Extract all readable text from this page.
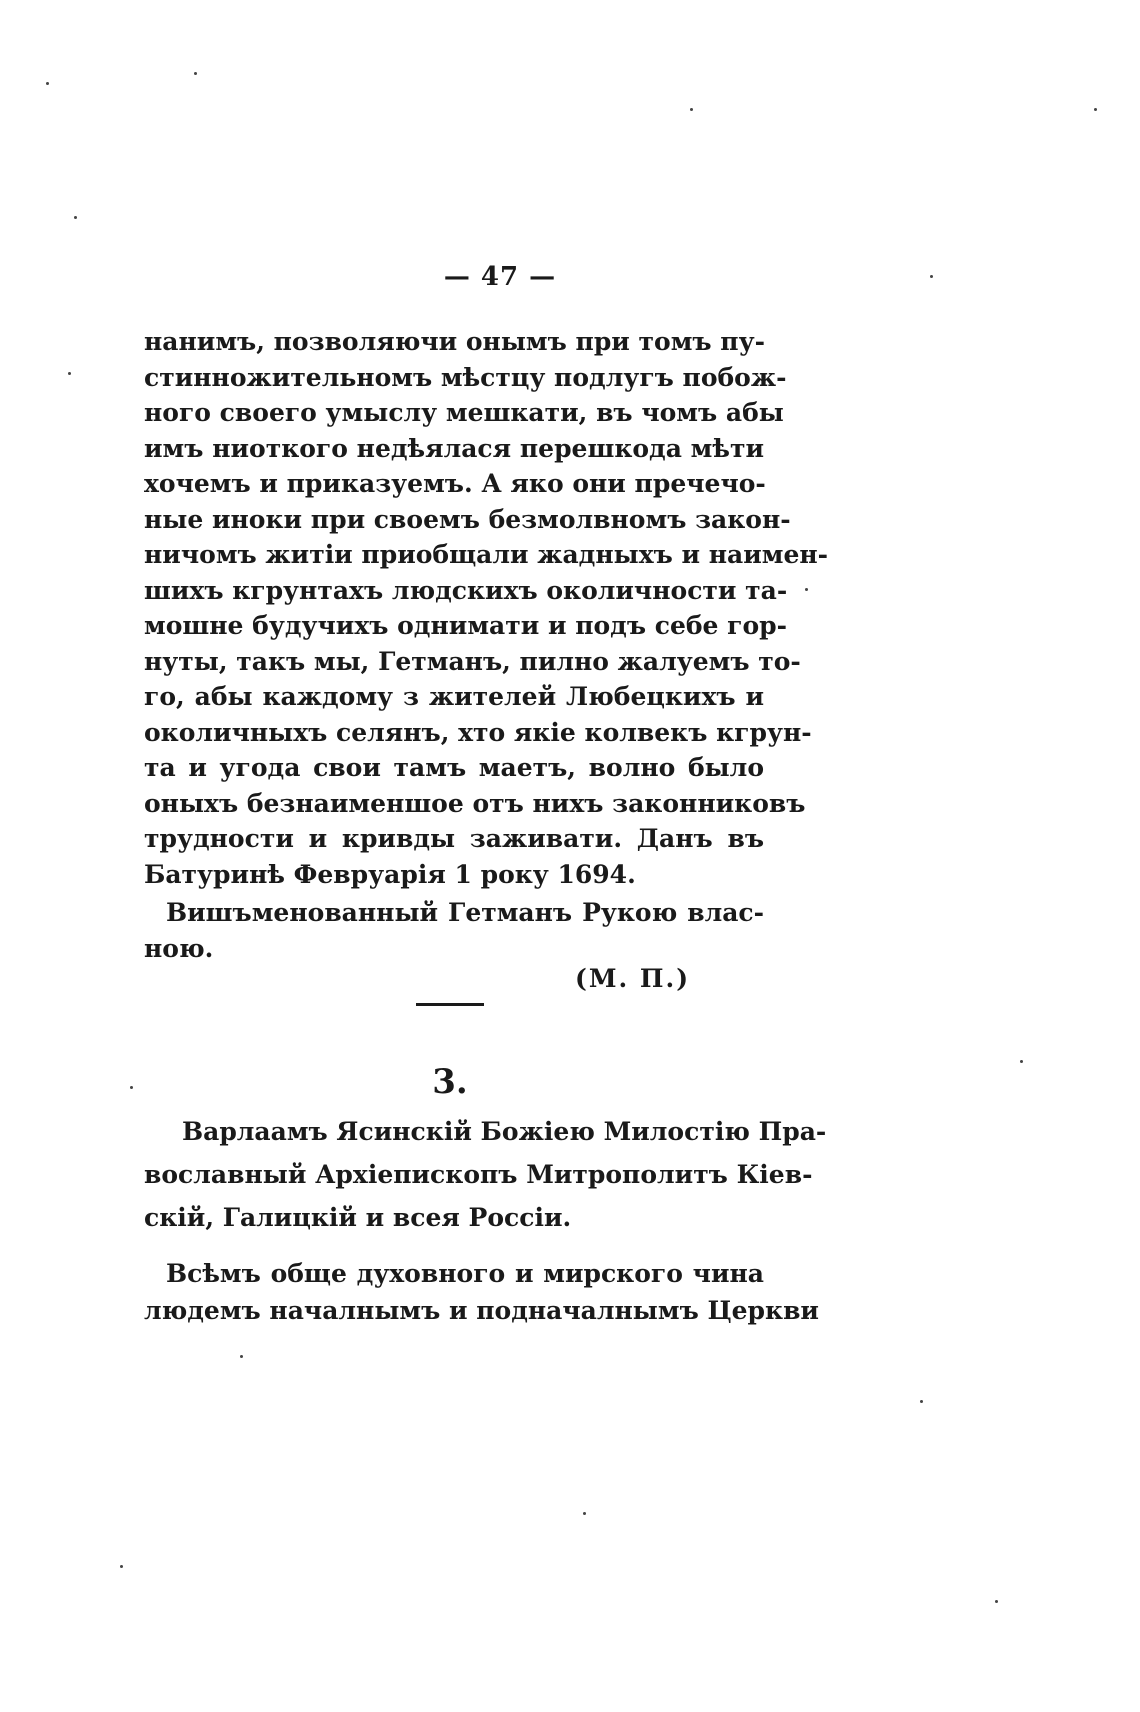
— 47 —
нанимъ, позволяючи онымъ при томъ пу-
стинножительномъ мѣстцу подлугъ побож-
ного своего умыслу мешкати, въ чомъ абы
имъ ниоткого недѣялася перешкода мѣти
хочемъ и приказуемъ. А яко они пречечо-
ные иноки при своемъ безмолвномъ закон-
ничомъ житіи приобщали жадныхъ и наимен-
шихъ кгрунтахъ людскихъ околичности та-
мошне будучихъ однимати и подъ себе гор-
нуты, такъ мы, Гетманъ, пилно жалуемъ то-
го, абы каждому з жителей Любецкихъ и
околичныхъ селянъ, хто якіе колвекъ кгрун-
та и угода свои тамъ маетъ, волно было
оныхъ безнаименшое отъ нихъ законниковъ
трудности и кривды заживати. Данъ въ
Батуринѣ Февруарія 1 року 1694.
Вишъменованный Гетманъ Рукою влас-
ною.
(М. П.)
3.
Варлаамъ Ясинскій Божіею Милостію Пра-
вославный Архіепископъ Митрополитъ Кіев-
скій, Галицкій и всея Россіи.
Всѣмъ обще духовного и мирского чина
людемъ началнымъ и подначалнымъ Церкви
